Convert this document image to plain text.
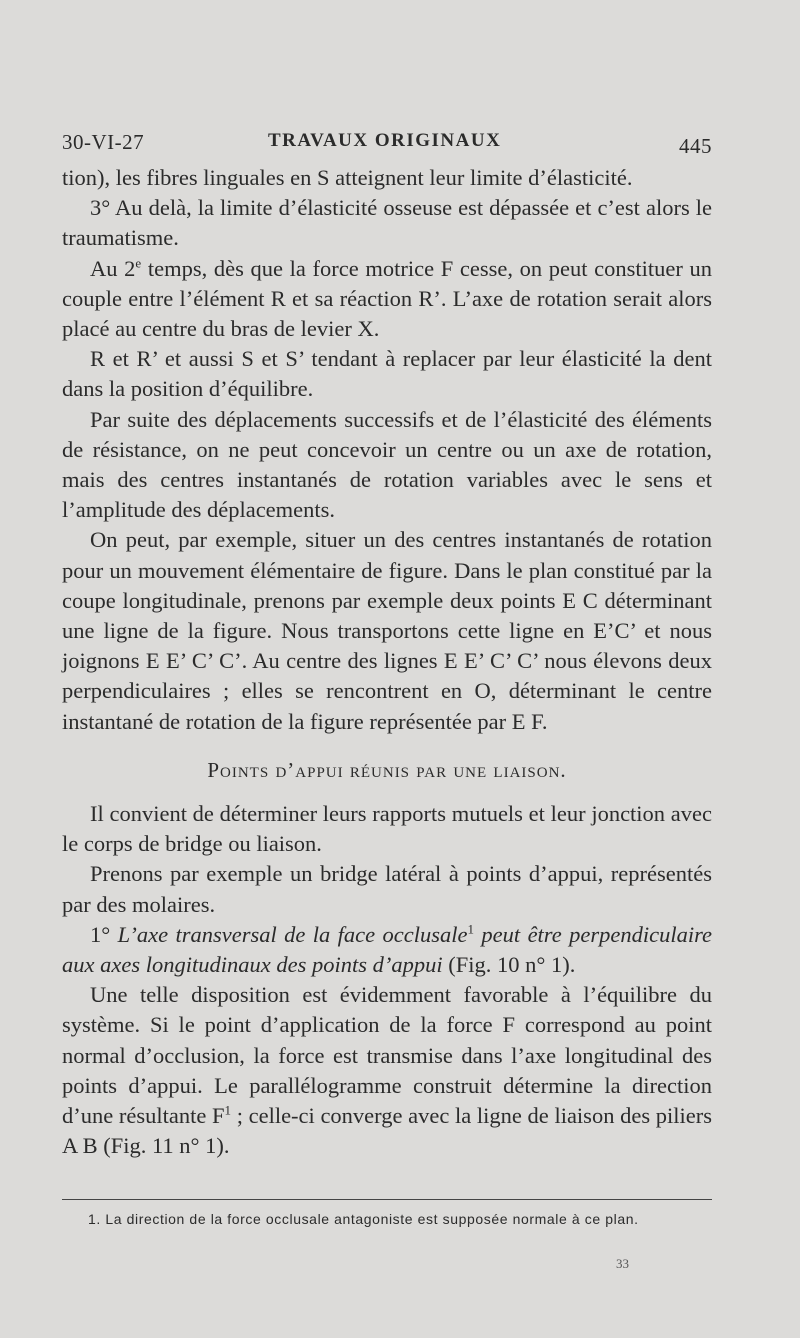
30-VI-27	TRAVAUX ORIGINAUX	445

tion), les fibres linguales en S atteignent leur limite d’élasticité.

3° Au delà, la limite d’élasticité osseuse est dépassée et c’est alors le traumatisme.

Au 2e temps, dès que la force motrice F cesse, on peut constituer un couple entre l’élément R et sa réaction R’. L’axe de rotation serait alors placé au centre du bras de levier X.

R et R’ et aussi S et S’ tendant à replacer par leur élasticité la dent dans la position d’équilibre.

Par suite des déplacements successifs et de l’élasticité des éléments de résistance, on ne peut concevoir un centre ou un axe de rotation, mais des centres instantanés de rotation variables avec le sens et l’amplitude des déplacements.

On peut, par exemple, situer un des centres instantanés de rotation pour un mouvement élémentaire de figure. Dans le plan constitué par la coupe longitudinale, prenons par exemple deux points E C déterminant une ligne de la figure. Nous transportons cette ligne en E’C’ et nous joignons E E’ C’ C’. Au centre des lignes E E’ C’ C’ nous élevons deux perpendiculaires ; elles se rencontrent en O, déterminant le centre instantané de rotation de la figure représentée par E F.

Points d’appui réunis par une liaison.

Il convient de déterminer leurs rapports mutuels et leur jonction avec le corps de bridge ou liaison.

Prenons par exemple un bridge latéral à points d’appui, représentés par des molaires.

1° L’axe transversal de la face occlusale$^1$ peut être perpendiculaire aux axes longitudinaux des points d’appui (Fig. 10 n° 1).

Une telle disposition est évidemment favorable à l’équilibre du système. Si le point d’application de la force F correspond au point normal d’occlusion, la force est transmise dans l’axe longitudinal des points d’appui. Le parallélogramme construit détermine la direction d’une résultante $F^1$ ; celle-ci converge avec la ligne de liaison des piliers A B (Fig. 11 n° 1).

1. La direction de la force occlusale antagoniste est supposée normale à ce plan.

33
